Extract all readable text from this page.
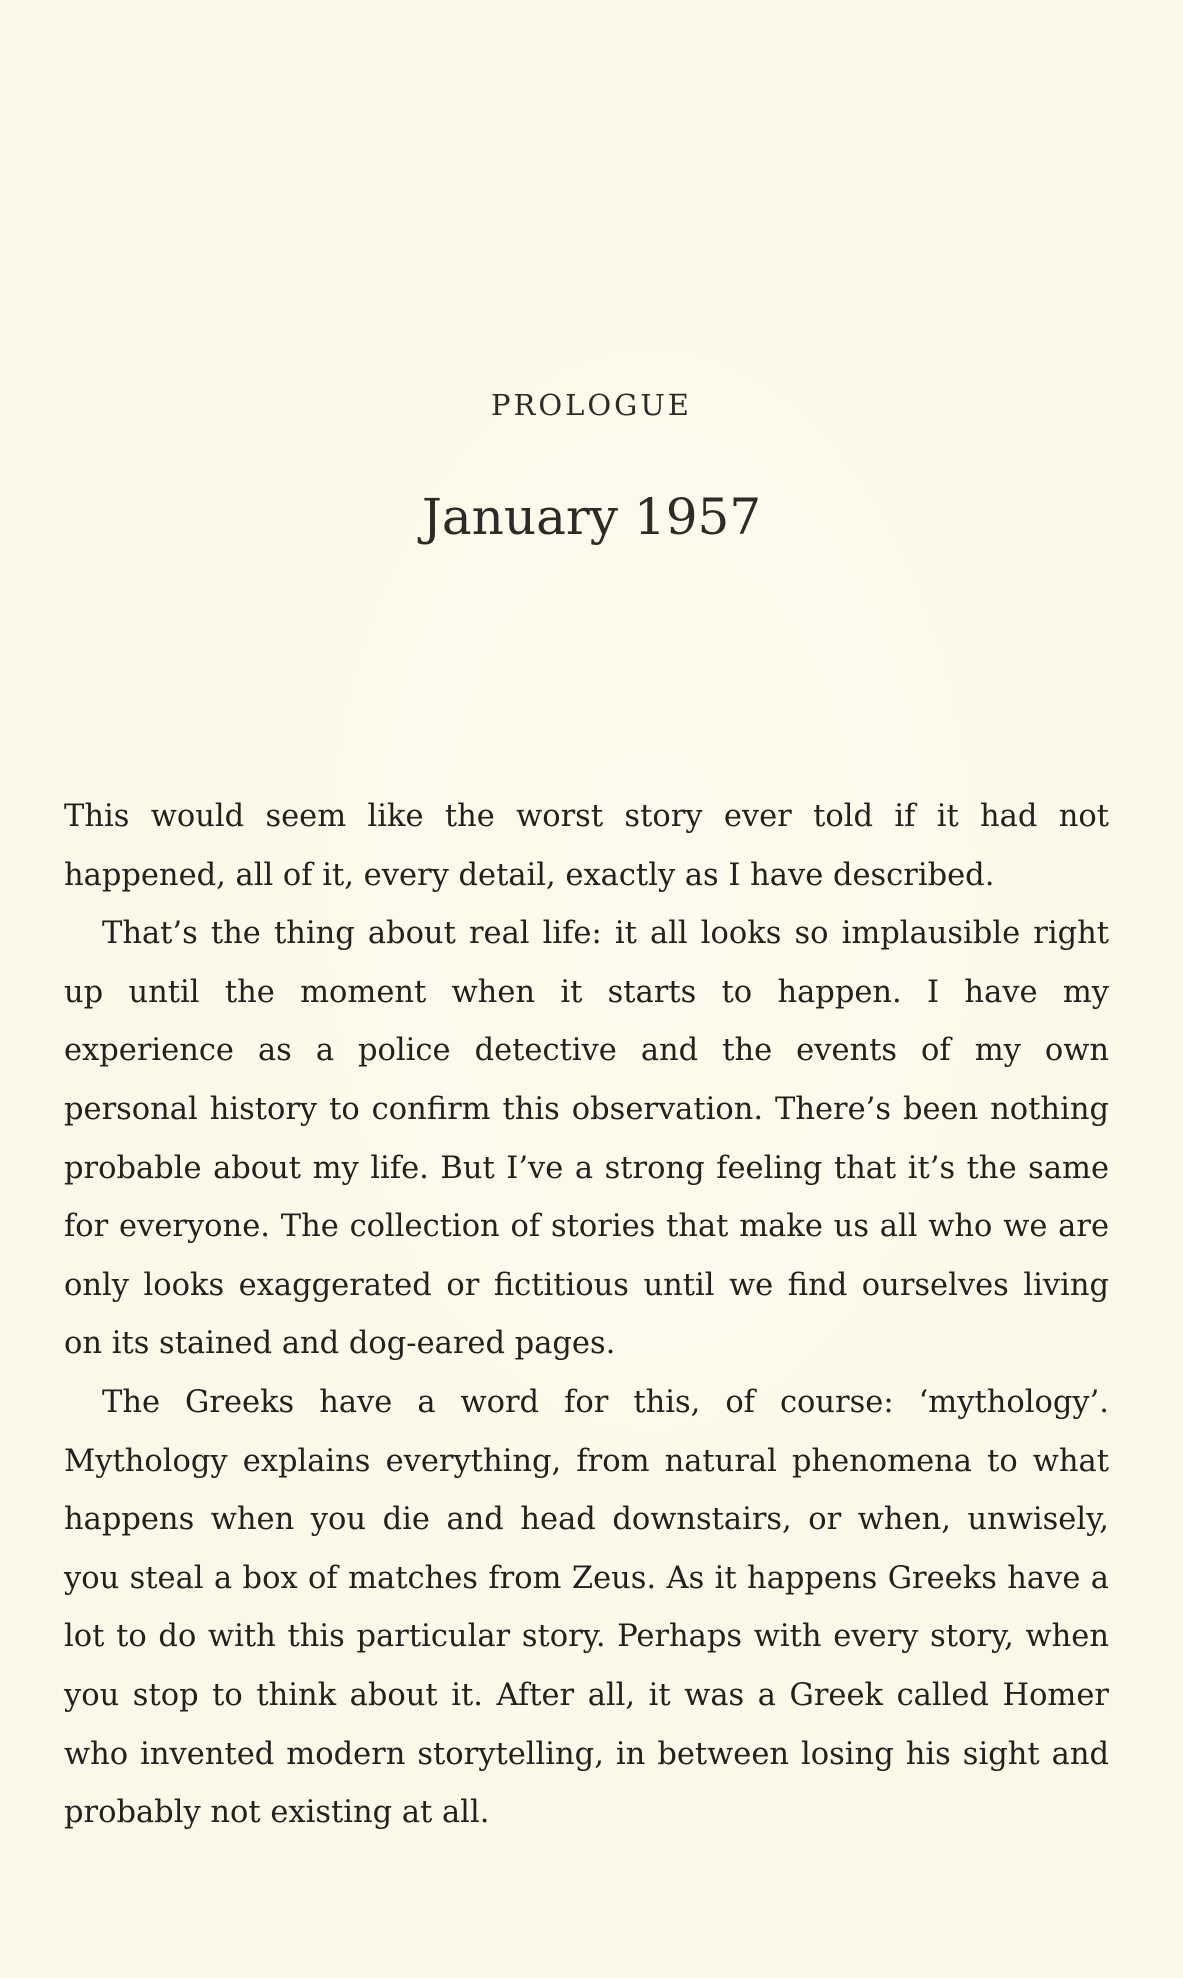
PROLOGUE
January 1957

This would seem like the worst story ever told if it had not happened, all of it, every detail, exactly as I have described.

That’s the thing about real life: it all looks so implausible right up until the moment when it starts to happen. I have my experience as a police detective and the events of my own personal history to confirm this observation. There’s been nothing probable about my life. But I’ve a strong feeling that it’s the same for everyone. The collection of stories that make us all who we are only looks exaggerated or fictitious until we find ourselves living on its stained and dog-eared pages.

The Greeks have a word for this, of course: ‘mythology’. Mythology explains everything, from natural phenomena to what happens when you die and head downstairs, or when, unwisely, you steal a box of matches from Zeus. As it happens Greeks have a lot to do with this particular story. Perhaps with every story, when you stop to think about it. After all, it was a Greek called Homer who invented modern storytelling, in between losing his sight and probably not existing at all.
